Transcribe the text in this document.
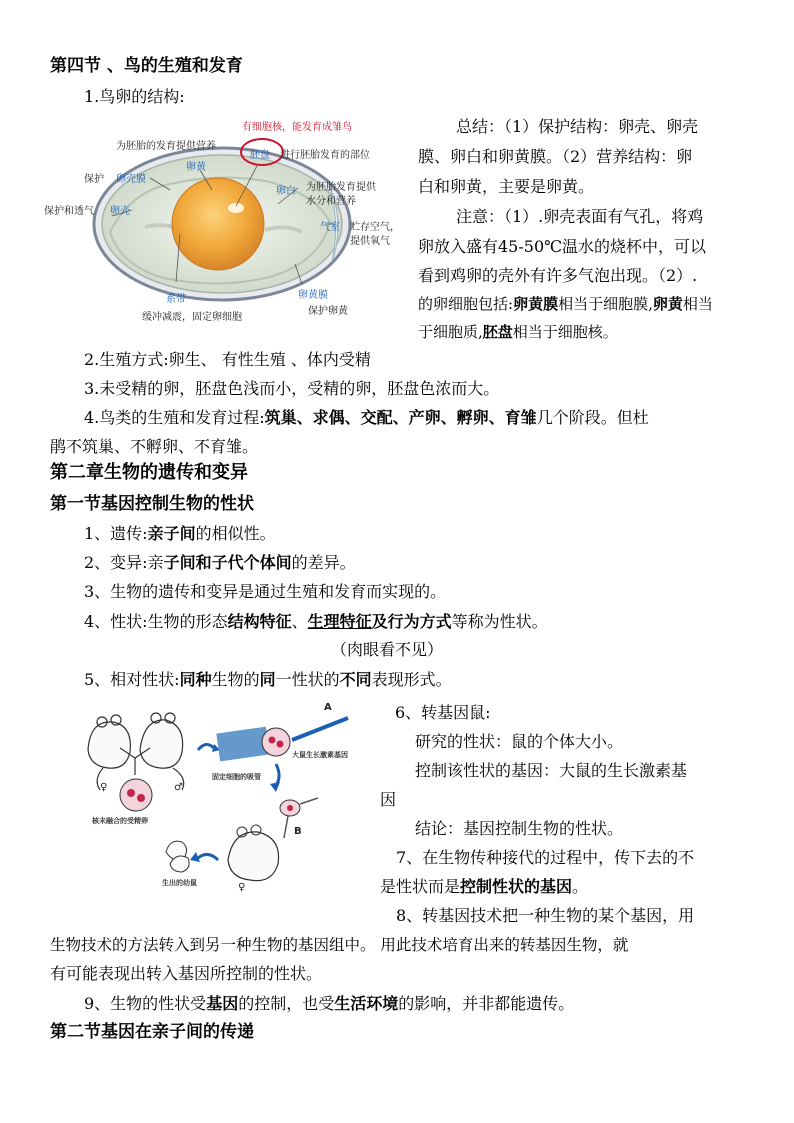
第四节 、鸟的生殖和发育
1.鸟卵的结构:
有细胞核，能发育成雏鸟
为胚胎的发育提供营养
胚盘 进行胚胎发育的部位
卵黄
保护 卵壳膜
卵白 为胚胎发育提供
水分和营养
保护和透气 卵壳
气室 贮存空气，
提供氧气
系带	卵黄膜
保护卵黄
缓冲减震，固定卵细胞
总结：（1）保护结构：卵壳、卵壳
膜、卵白和卵黄膜。（2）营养结构：卵
白和卵黄，主要是卵黄。
注意：（1）.卵壳表面有气孔，将鸡
卵放入盛有45-50℃温水的烧杯中，可以
看到鸡卵的壳外有许多气泡出现。（2）.
的卵细胞包括:卵黄膜相当于细胞膜,卵黄相当
于细胞质,胚盘相当于细胞核。
2.生殖方式:卵生、 有性生殖 、体内受精
3.未受精的卵，胚盘色浅而小，受精的卵，胚盘色浓而大。
4.鸟类的生殖和发育过程:筑巢、求偶、交配、产卵、孵卵、育雏几个阶段。但杜
鹃不筑巢、不孵卵、不育雏。
第二章生物的遗传和变异
第一节基因控制生物的性状
1、遗传:亲子间的相似性。
2、变异:亲子间和子代个体间的差异。
3、生物的遗传和变异是通过生殖和发育而实现的。
4、性状:生物的形态结构特征、生理特征及行为方式等称为性状。
（肉眼看不见）
5、相对性状:同种生物的同一性状的不同表现形式。
A
B
大鼠生长激素基因
固定细胞的吸管
核未融合的受精卵
生出的幼鼠
♀	♂
♀
6、转基因鼠:
研究的性状：鼠的个体大小。
控制该性状的基因：大鼠的生长激素基
因
结论：基因控制生物的性状。
7、在生物传种接代的过程中，传下去的不
是性状而是控制性状的基因。
8、转基因技术把一种生物的某个基因，用
生物技术的方法转入到另一种生物的基因组中。 用此技术培育出来的转基因生物，就
有可能表现出转入基因所控制的性状。
9、生物的性状受基因的控制，也受生活环境的影响，并非都能遗传。
第二节基因在亲子间的传递
